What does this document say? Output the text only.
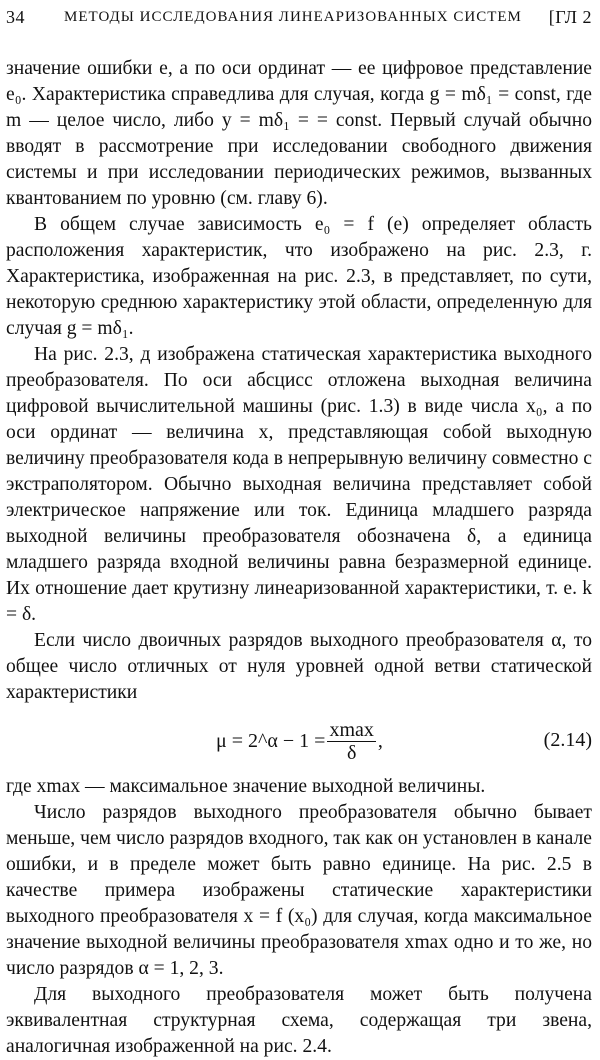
34	МЕТОДЫ ИССЛЕДОВАНИЯ ЛИНЕАРИЗОВАННЫХ СИСТЕМ [ГЛ 2

значение ошибки e, а по оси ординат — ее цифровое представление e₀. Характеристика справедлива для случая, когда g = mδ₁ = const, где m — целое число, либо y = mδ₁ = = const. Первый случай обычно вводят в рассмотрение при исследовании свободного движения системы и при исследовании периодических режимов, вызванных квантованием по уровню (см. главу 6).

В общем случае зависимость e₀ = f (e) определяет область расположения характеристик, что изображено на рис. 2.3, г. Характеристика, изображенная на рис. 2.3, в представляет, по сути, некоторую среднюю характеристику этой области, определенную для случая g = mδ₁.

На рис. 2.3, д изображена статическая характеристика выходного преобразователя. По оси абсцисс отложена выходная величина цифровой вычислительной машины (рис. 1.3) в виде числа x₀, а по оси ординат — величина x, представляющая собой выходную величину преобразователя кода в непрерывную величину совместно с экстраполятором. Обычно выходная величина представляет собой электрическое напряжение или ток. Единица младшего разряда выходной величины преобразователя обозначена δ, а единица младшего разряда входной величины равна безразмерной единице. Их отношение дает крутизну линеаризованной характеристики, т. е. k = δ.

Если число двоичных разрядов выходного преобразователя α, то общее число отличных от нуля уровней одной ветви статической характеристики

μ = 2^α − $1 = \frac{xmax}{\delta}$ ,	(2.14)

где xmax — максимальное значение выходной величины.

Число разрядов выходного преобразователя обычно бывает меньше, чем число разрядов входного, так как он установлен в канале ошибки, и в пределе может быть равно единице. На рис. 2.5 в качестве примера изображены статические характеристики выходного преобразователя x = f (x₀) для случая, когда максимальное значение выходной величины преобразователя xmax одно и то же, но число разрядов α = 1, 2, 3.

Для выходного преобразователя может быть получена эквивалентная структурная схема, содержащая три звена, аналогичная изображенной на рис. 2.4.
